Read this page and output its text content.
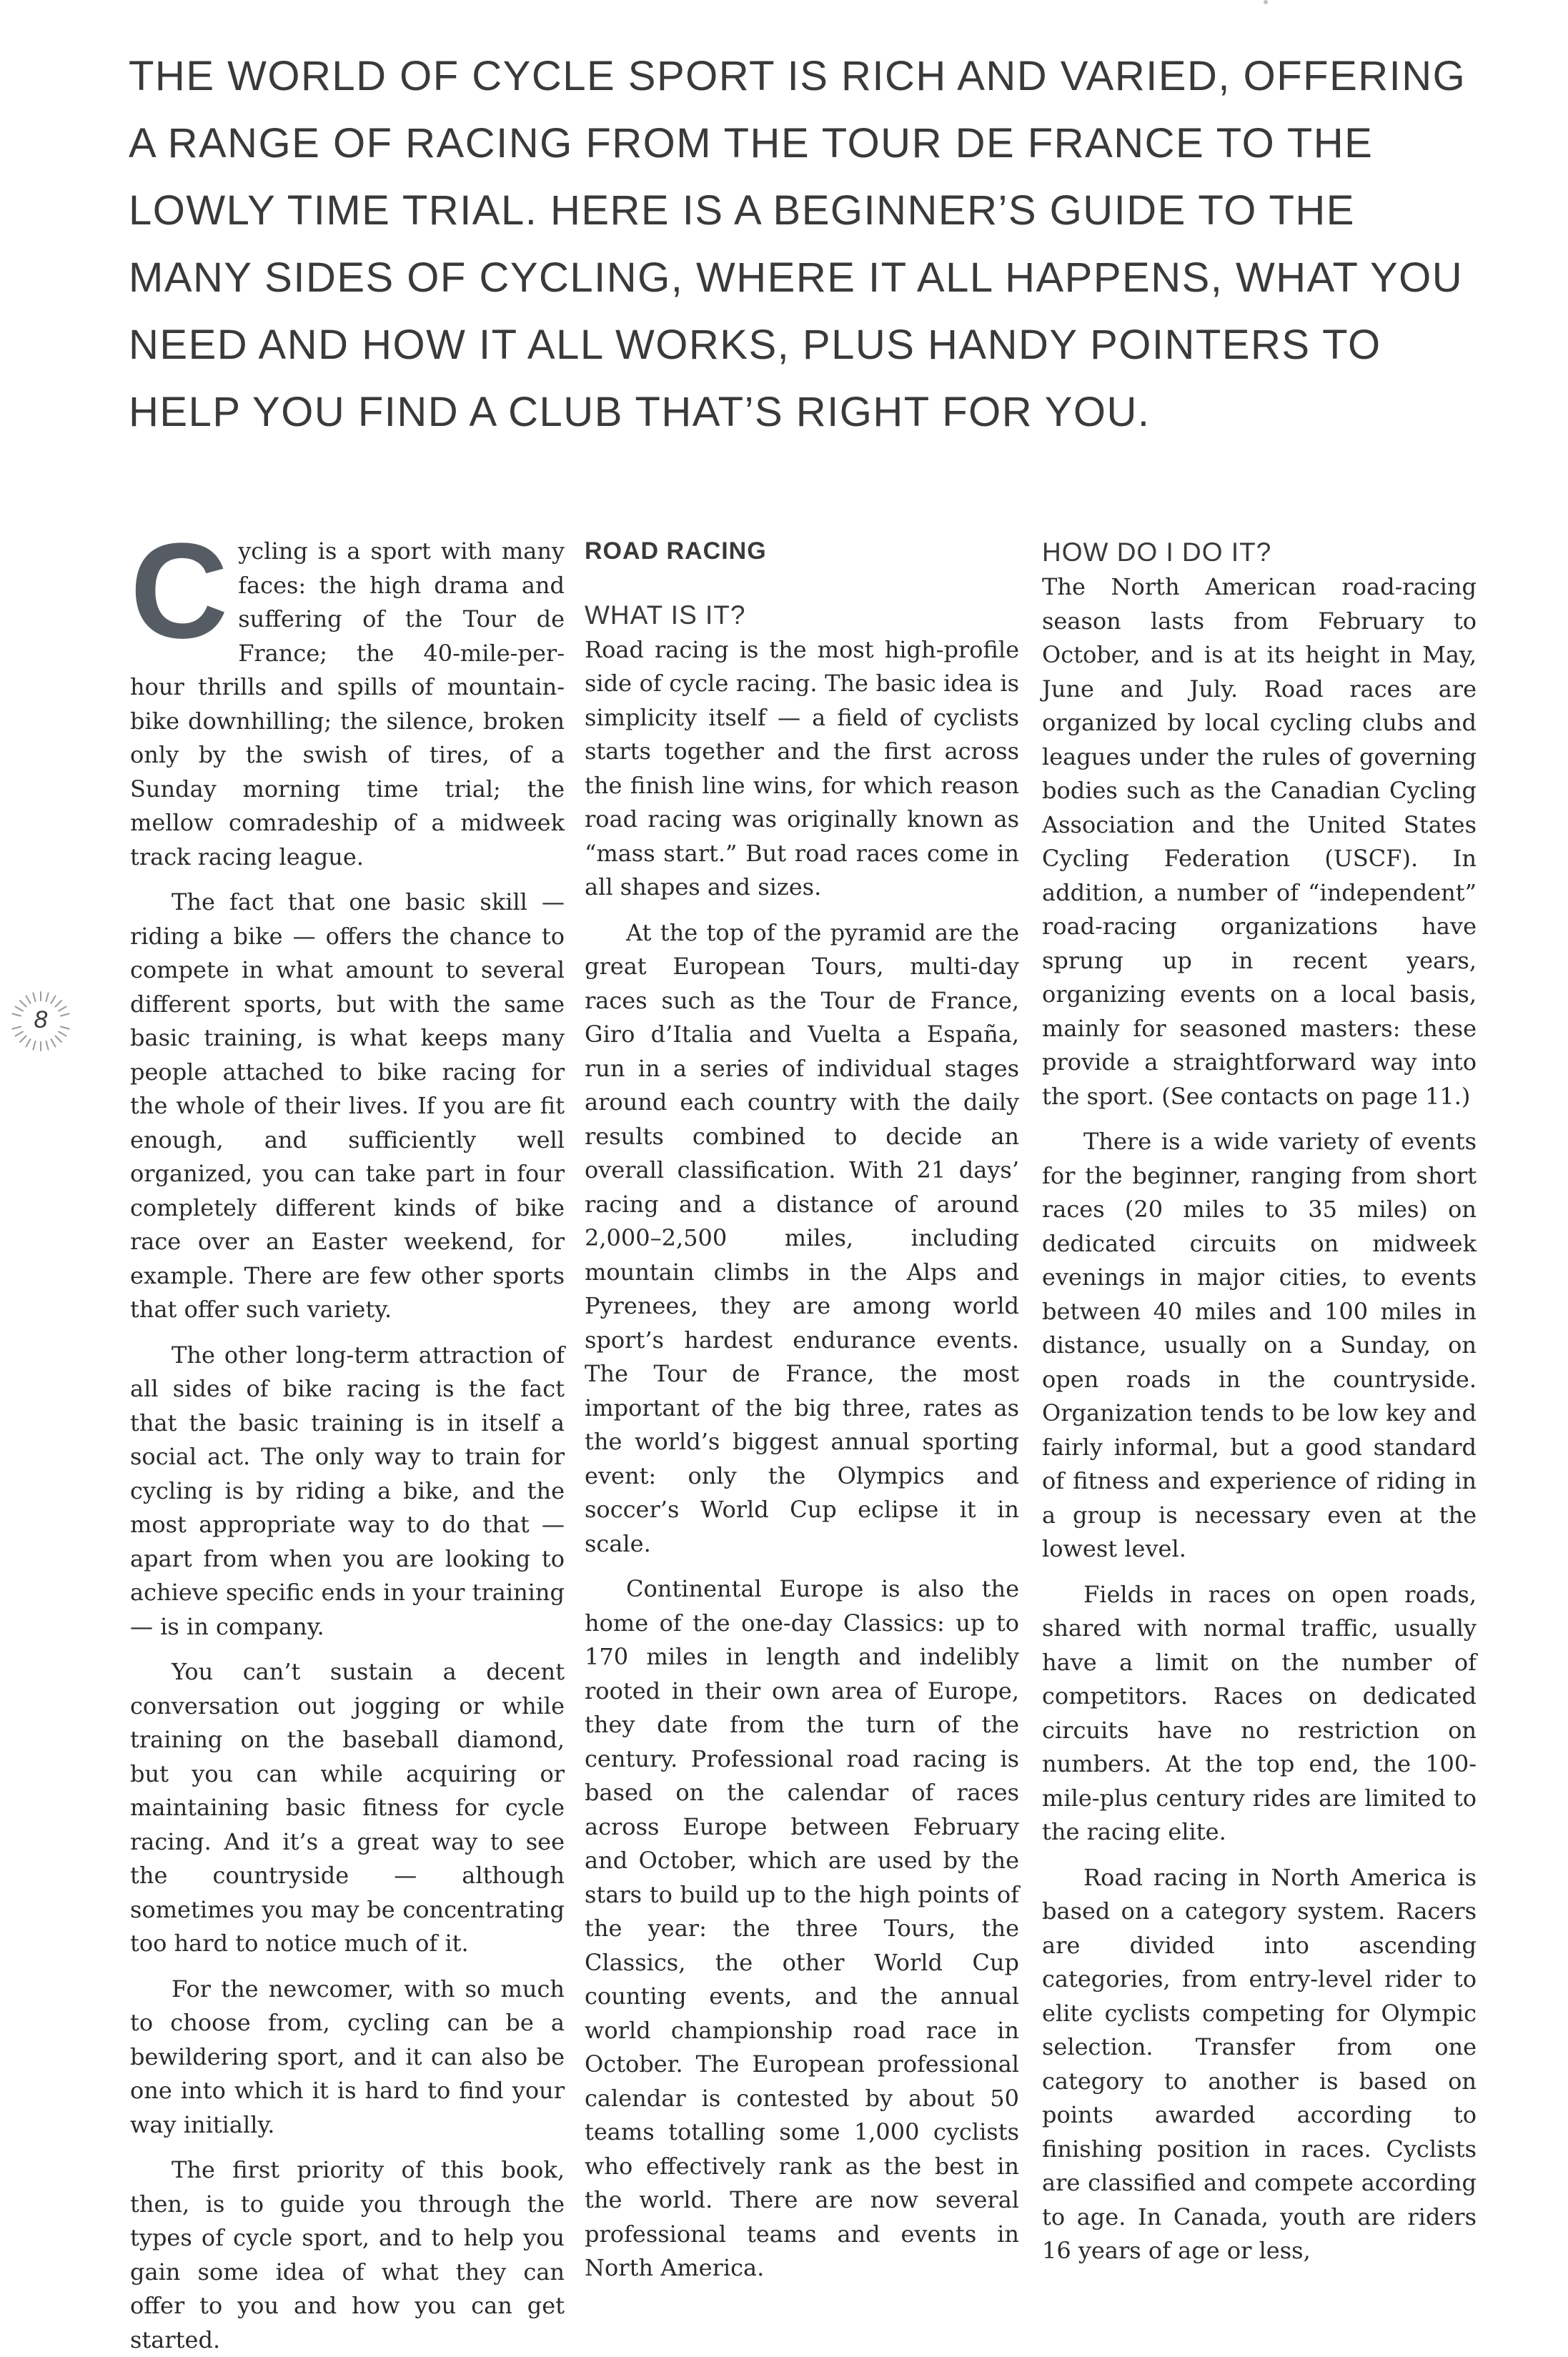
THE WORLD OF CYCLE SPORT IS RICH AND VARIED, OFFERING A RANGE OF RACING FROM THE TOUR DE FRANCE TO THE LOWLY TIME TRIAL. HERE IS A BEGINNER’S GUIDE TO THE MANY SIDES OF CYCLING, WHERE IT ALL HAPPENS, WHAT YOU NEED AND HOW IT ALL WORKS, PLUS HANDY POINTERS TO HELP YOU FIND A CLUB THAT’S RIGHT FOR YOU.
8

Cycling is a sport with many faces: the high drama and suffering of the Tour de France; the 40-mile-per-hour thrills and spills of mountain-bike downhilling; the silence, broken only by the swish of tires, of a Sunday morning time trial; the mellow comradeship of a midweek track racing league.

The fact that one basic skill — riding a bike — offers the chance to compete in what amount to several different sports, but with the same basic training, is what keeps many people attached to bike racing for the whole of their lives. If you are fit enough, and sufficiently well organized, you can take part in four completely different kinds of bike race over an Easter weekend, for example. There are few other sports that offer such variety.

The other long-term attraction of all sides of bike racing is the fact that the basic training is in itself a social act. The only way to train for cycling is by riding a bike, and the most appropriate way to do that — apart from when you are looking to achieve specific ends in your training — is in company.

You can’t sustain a decent conversation out jogging or while training on the baseball diamond, but you can while acquiring or maintaining basic fitness for cycle racing. And it’s a great way to see the countryside — although sometimes you may be concentrating too hard to notice much of it.

For the newcomer, with so much to choose from, cycling can be a bewildering sport, and it can also be one into which it is hard to find your way initially.

The first priority of this book, then, is to guide you through the types of cycle sport, and to help you gain some idea of what they can offer to you and how you can get started.

ROAD RACING
WHAT IS IT?

Road racing is the most high-profile side of cycle racing. The basic idea is simplicity itself — a field of cyclists starts together and the first across the finish line wins, for which reason road racing was originally known as “mass start.” But road races come in all shapes and sizes.

At the top of the pyramid are the great European Tours, multi-day races such as the Tour de France, Giro d’Italia and Vuelta a España, run in a series of individual stages around each country with the daily results combined to decide an overall classification. With 21 days’ racing and a distance of around 2,000–2,500 miles, including mountain climbs in the Alps and Pyrenees, they are among world sport’s hardest endurance events. The Tour de France, the most important of the big three, rates as the world’s biggest annual sporting event: only the Olympics and soccer’s World Cup eclipse it in scale.

Continental Europe is also the home of the one-day Classics: up to 170 miles in length and indelibly rooted in their own area of Europe, they date from the turn of the century. Professional road racing is based on the calendar of races across Europe between February and October, which are used by the stars to build up to the high points of the year: the three Tours, the Classics, the other World Cup counting events, and the annual world championship road race in October. The European professional calendar is contested by about 50 teams totalling some 1,000 cyclists who effectively rank as the best in the world. There are now several professional teams and events in North America.

HOW DO I DO IT?

The North American road-racing season lasts from February to October, and is at its height in May, June and July. Road races are organized by local cycling clubs and leagues under the rules of governing bodies such as the Canadian Cycling Association and the United States Cycling Federation (USCF). In addition, a number of “independent” road-racing organizations have sprung up in recent years, organizing events on a local basis, mainly for seasoned masters: these provide a straightforward way into the sport. (See contacts on page 11.)

There is a wide variety of events for the beginner, ranging from short races (20 miles to 35 miles) on dedicated circuits on midweek evenings in major cities, to events between 40 miles and 100 miles in distance, usually on a Sunday, on open roads in the countryside. Organization tends to be low key and fairly informal, but a good standard of fitness and experience of riding in a group is necessary even at the lowest level.

Fields in races on open roads, shared with normal traffic, usually have a limit on the number of competitors. Races on dedicated circuits have no restriction on numbers. At the top end, the 100-mile-plus century rides are limited to the racing elite.

Road racing in North America is based on a category system. Racers are divided into ascending categories, from entry-level rider to elite cyclists competing for Olympic selection. Transfer from one category to another is based on points awarded according to finishing position in races. Cyclists are classified and compete according to age. In Canada, youth are riders 16 years of age or less,
